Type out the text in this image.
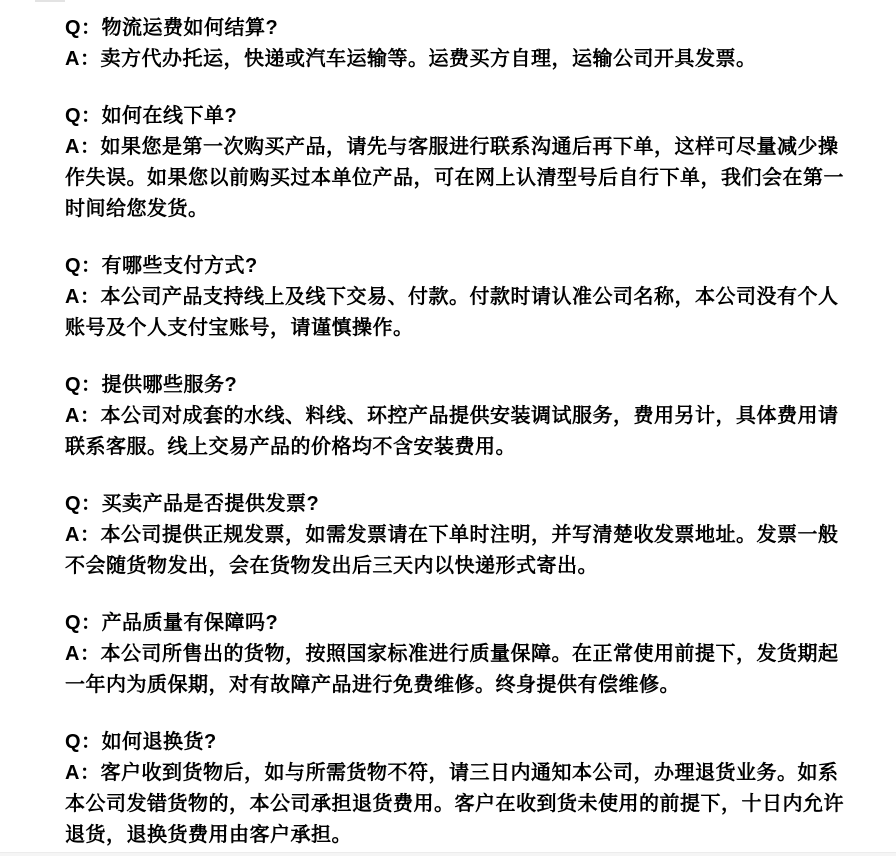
Q：物流运费如何结算?
A：卖方代办托运，快递或汽车运输等。运费买方自理，运输公司开具发票。
Q：如何在线下单?
A：如果您是第一次购买产品，请先与客服进行联系沟通后再下单，这样可尽量减少操作失误。如果您以前购买过本单位产品，可在网上认清型号后自行下单，我们会在第一时间给您发货。
Q：有哪些支付方式?
A：本公司产品支持线上及线下交易、付款。付款时请认准公司名称，本公司没有个人账号及个人支付宝账号，请谨慎操作。
Q：提供哪些服务?
A：本公司对成套的水线、料线、环控产品提供安装调试服务，费用另计，具体费用请联系客服。线上交易产品的价格均不含安装费用。
Q：买卖产品是否提供发票?
A：本公司提供正规发票，如需发票请在下单时注明，并写清楚收发票地址。发票一般不会随货物发出，会在货物发出后三天内以快递形式寄出。
Q：产品质量有保障吗?
A：本公司所售出的货物，按照国家标准进行质量保障。在正常使用前提下，发货期起一年内为质保期，对有故障产品进行免费维修。终身提供有偿维修。
Q：如何退换货?
A：客户收到货物后，如与所需货物不符，请三日内通知本公司，办理退货业务。如系本公司发错货物的，本公司承担退货费用。客户在收到货未使用的前提下，十日内允许退货，退换货费用由客户承担。
